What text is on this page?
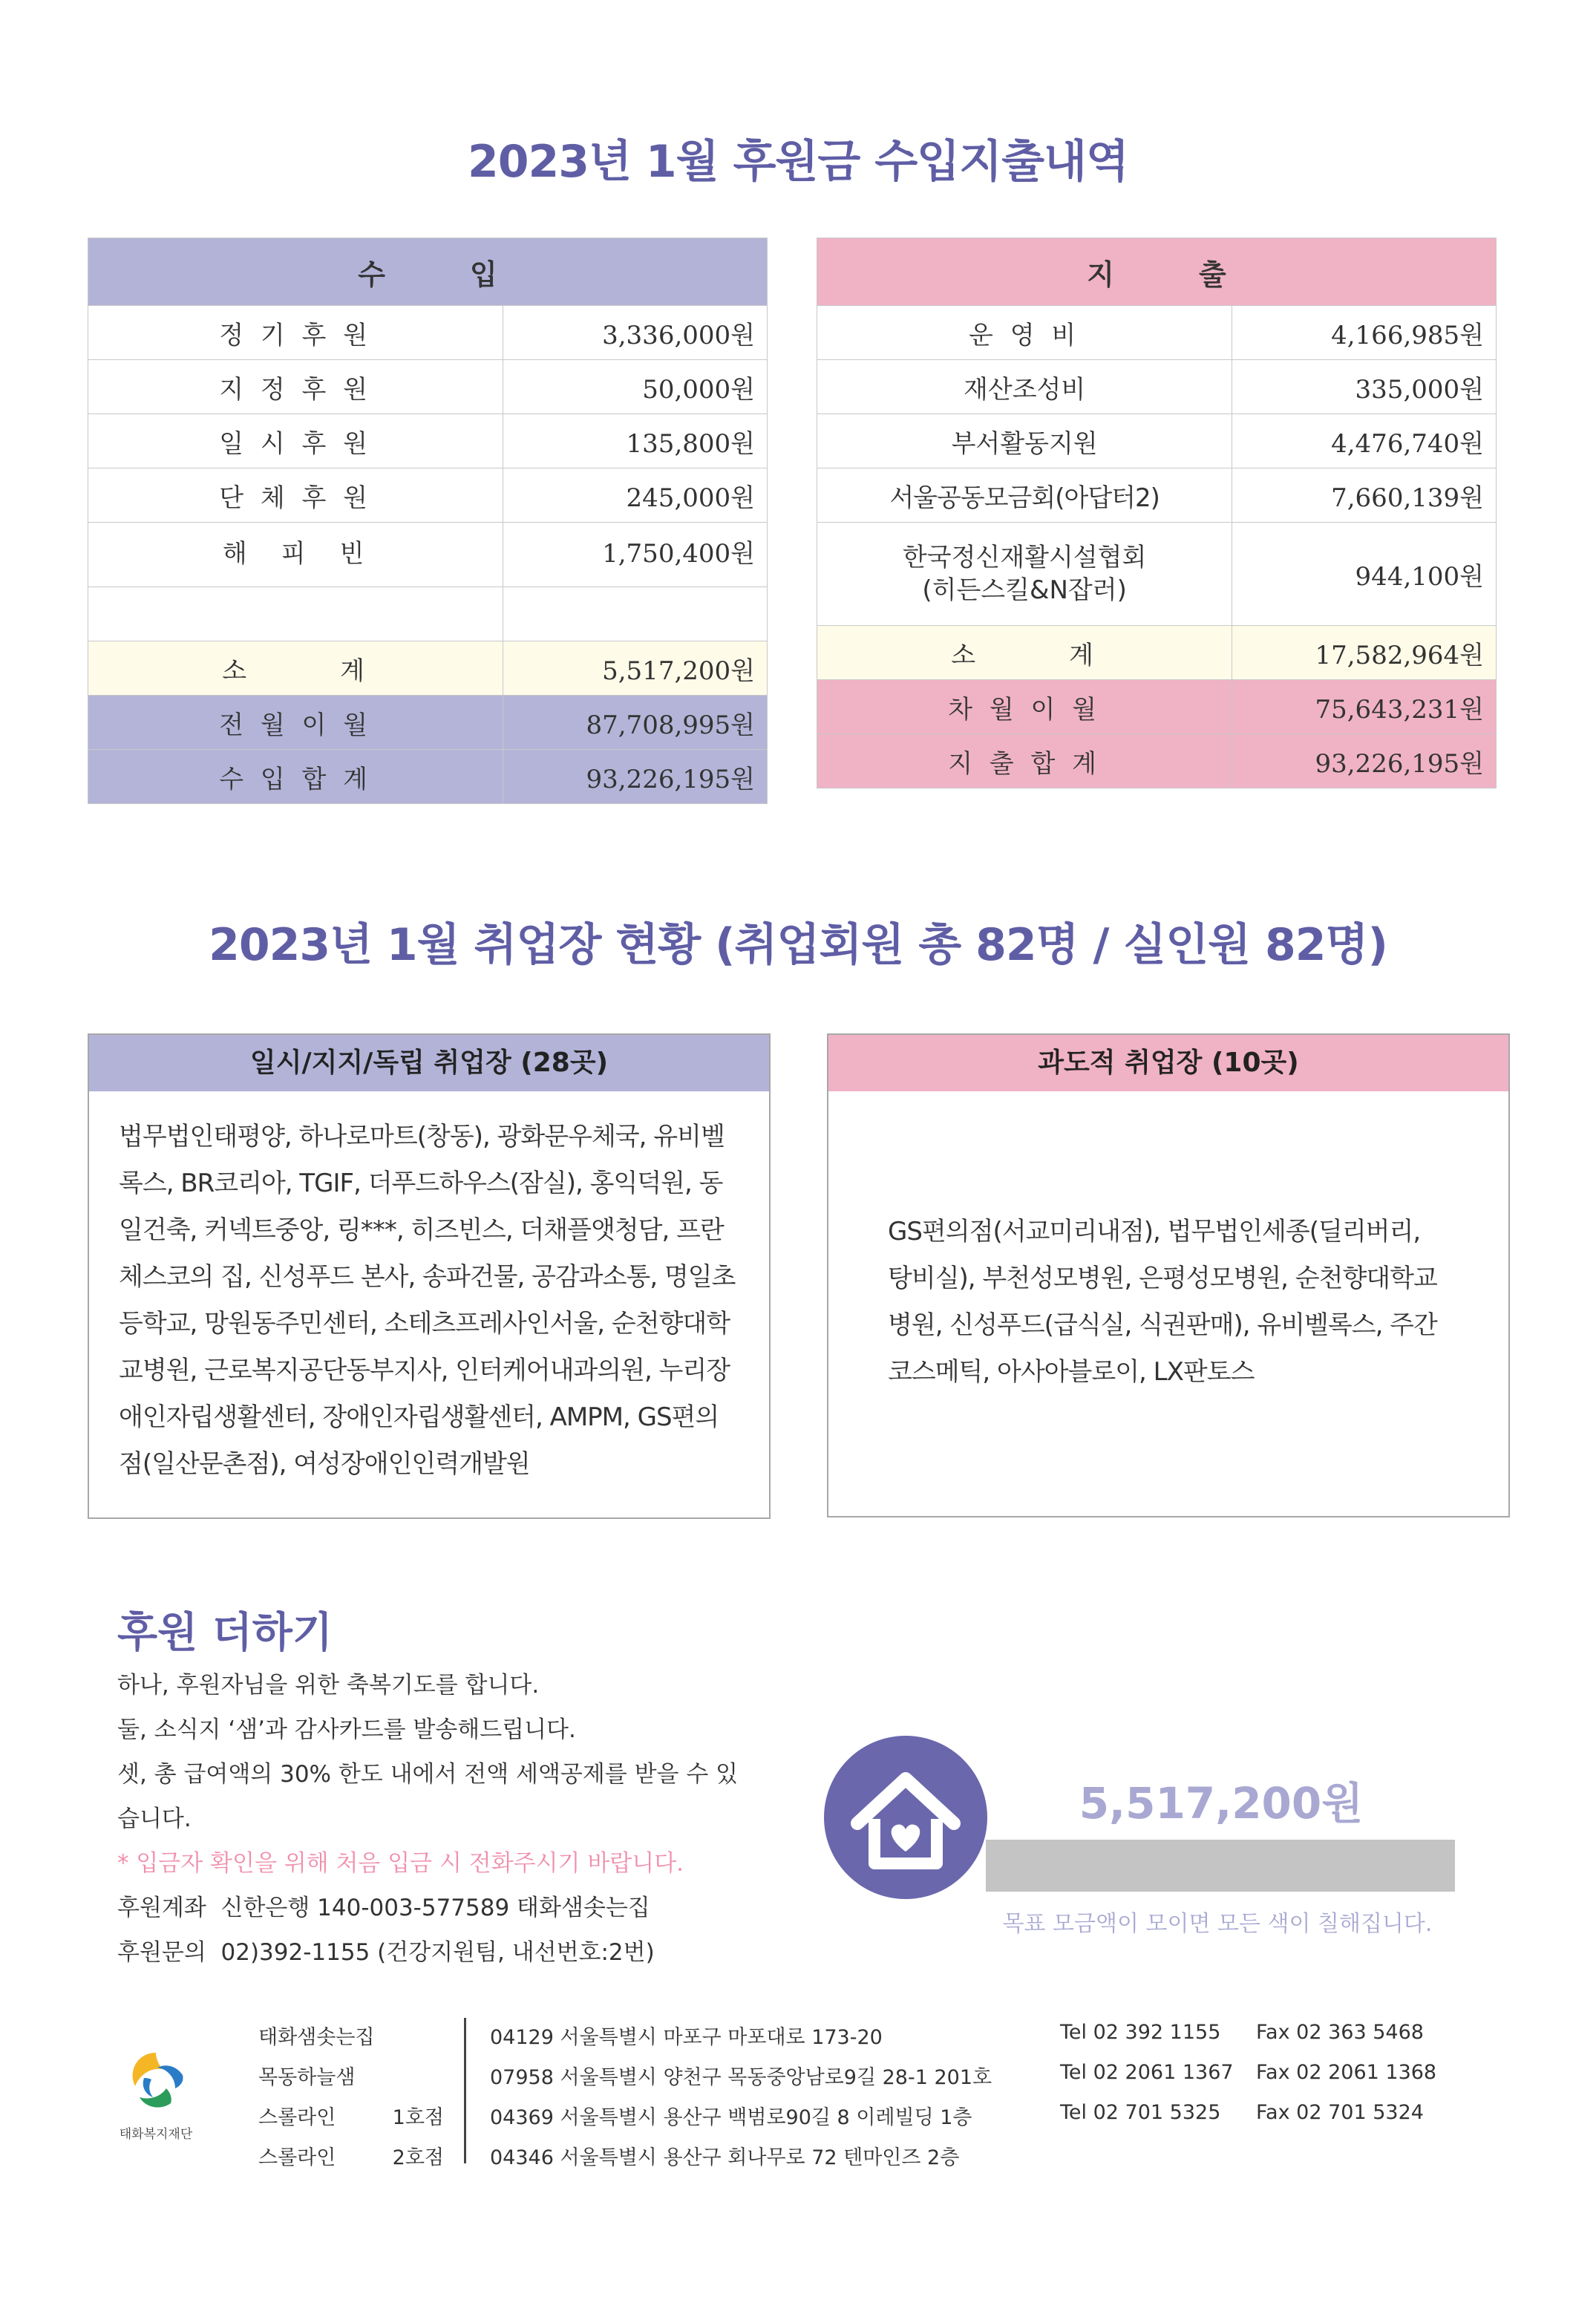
2023년 1월 후원금 수입지출내역
수　　　입	
정 기 후 원	3,336,000원
지 정 후 원	50,000원
일 시 후 원	135,800원
단 체 후 원	245,000원
해　피　빈	1,750,400원

소　　　계	5,517,200원
전 월 이 월	87,708,995원
수 입 합 계	93,226,195원
지　　　출	
운 영 비	4,166,985원
재산조성비	335,000원
부서활동지원	4,476,740원
서울공동모금회(아답터2)	7,660,139원
한국정신재활시설협회
(히든스킬&N잡러)	944,100원
소　　　계	17,582,964원
차 월 이 월	75,643,231원
지 출 합 계	93,226,195원
2023년 1월 취업장 현황 (취업회원 총 82명 / 실인원 82명)
일시/지지/독립 취업장 (28곳)
법무법인태평양, 하나로마트(창동), 광화문우체국, 유비벨록스, BR코리아, TGIF, 더푸드하우스(잠실), 홍익덕원, 동일건축, 커넥트중앙, 링***, 히즈빈스, 더채플앳청담, 프란체스코의 집, 신성푸드 본사, 송파건물, 공감과소통, 명일초등학교, 망원동주민센터, 소테츠프레사인서울, 순천향대학교병원, 근로복지공단동부지사, 인터케어내과의원, 누리장애인자립생활센터, 장애인자립생활센터, AMPM, GS편의점(일산문촌점), 여성장애인인력개발원
과도적 취업장 (10곳)
GS편의점(서교미리내점), 법무법인세종(딜리버리, 탕비실), 부천성모병원, 은평성모병원, 순천향대학교병원, 신성푸드(급식실, 식권판매), 유비벨록스, 주간코스메틱, 아사아블로이, LX판토스
후원 더하기

하나, 후원자님을 위한 축복기도를 합니다.

둘, 소식지 ‘샘’과 감사카드를 발송해드립니다.

셋, 총 급여액의 30% 한도 내에서 전액 세액공제를 받을 수 있습니다.

* 입금자 확인을 위해 처음 입금 시 전화주시기 바랍니다.

후원계좌 신한은행 140-003-577589 태화샘솟는집

후원문의 02)392-1155 (건강지원팀, 내선번호:2번)

5,517,200원
목표 모금액이 모이면 모든 색이 칠해집니다.
태화복지재단
태화샘솟는집	04129 서울특별시 마포구 마포대로 173-20	Tel 02 392 1155 Fax 02 363 5468
목동하늘샘	07958 서울특별시 양천구 목동중앙남로9길 28-1 201호	Tel 02 2061 1367 Fax 02 2061 1368
스롤라인 1호점 04369 서울특별시 용산구 백범로90길 8 이레빌딩 1층	Tel 02 701 5325 Fax 02 701 5324
스롤라인 2호점 04346 서울특별시 용산구 회나무로 72 텐마인즈 2층
